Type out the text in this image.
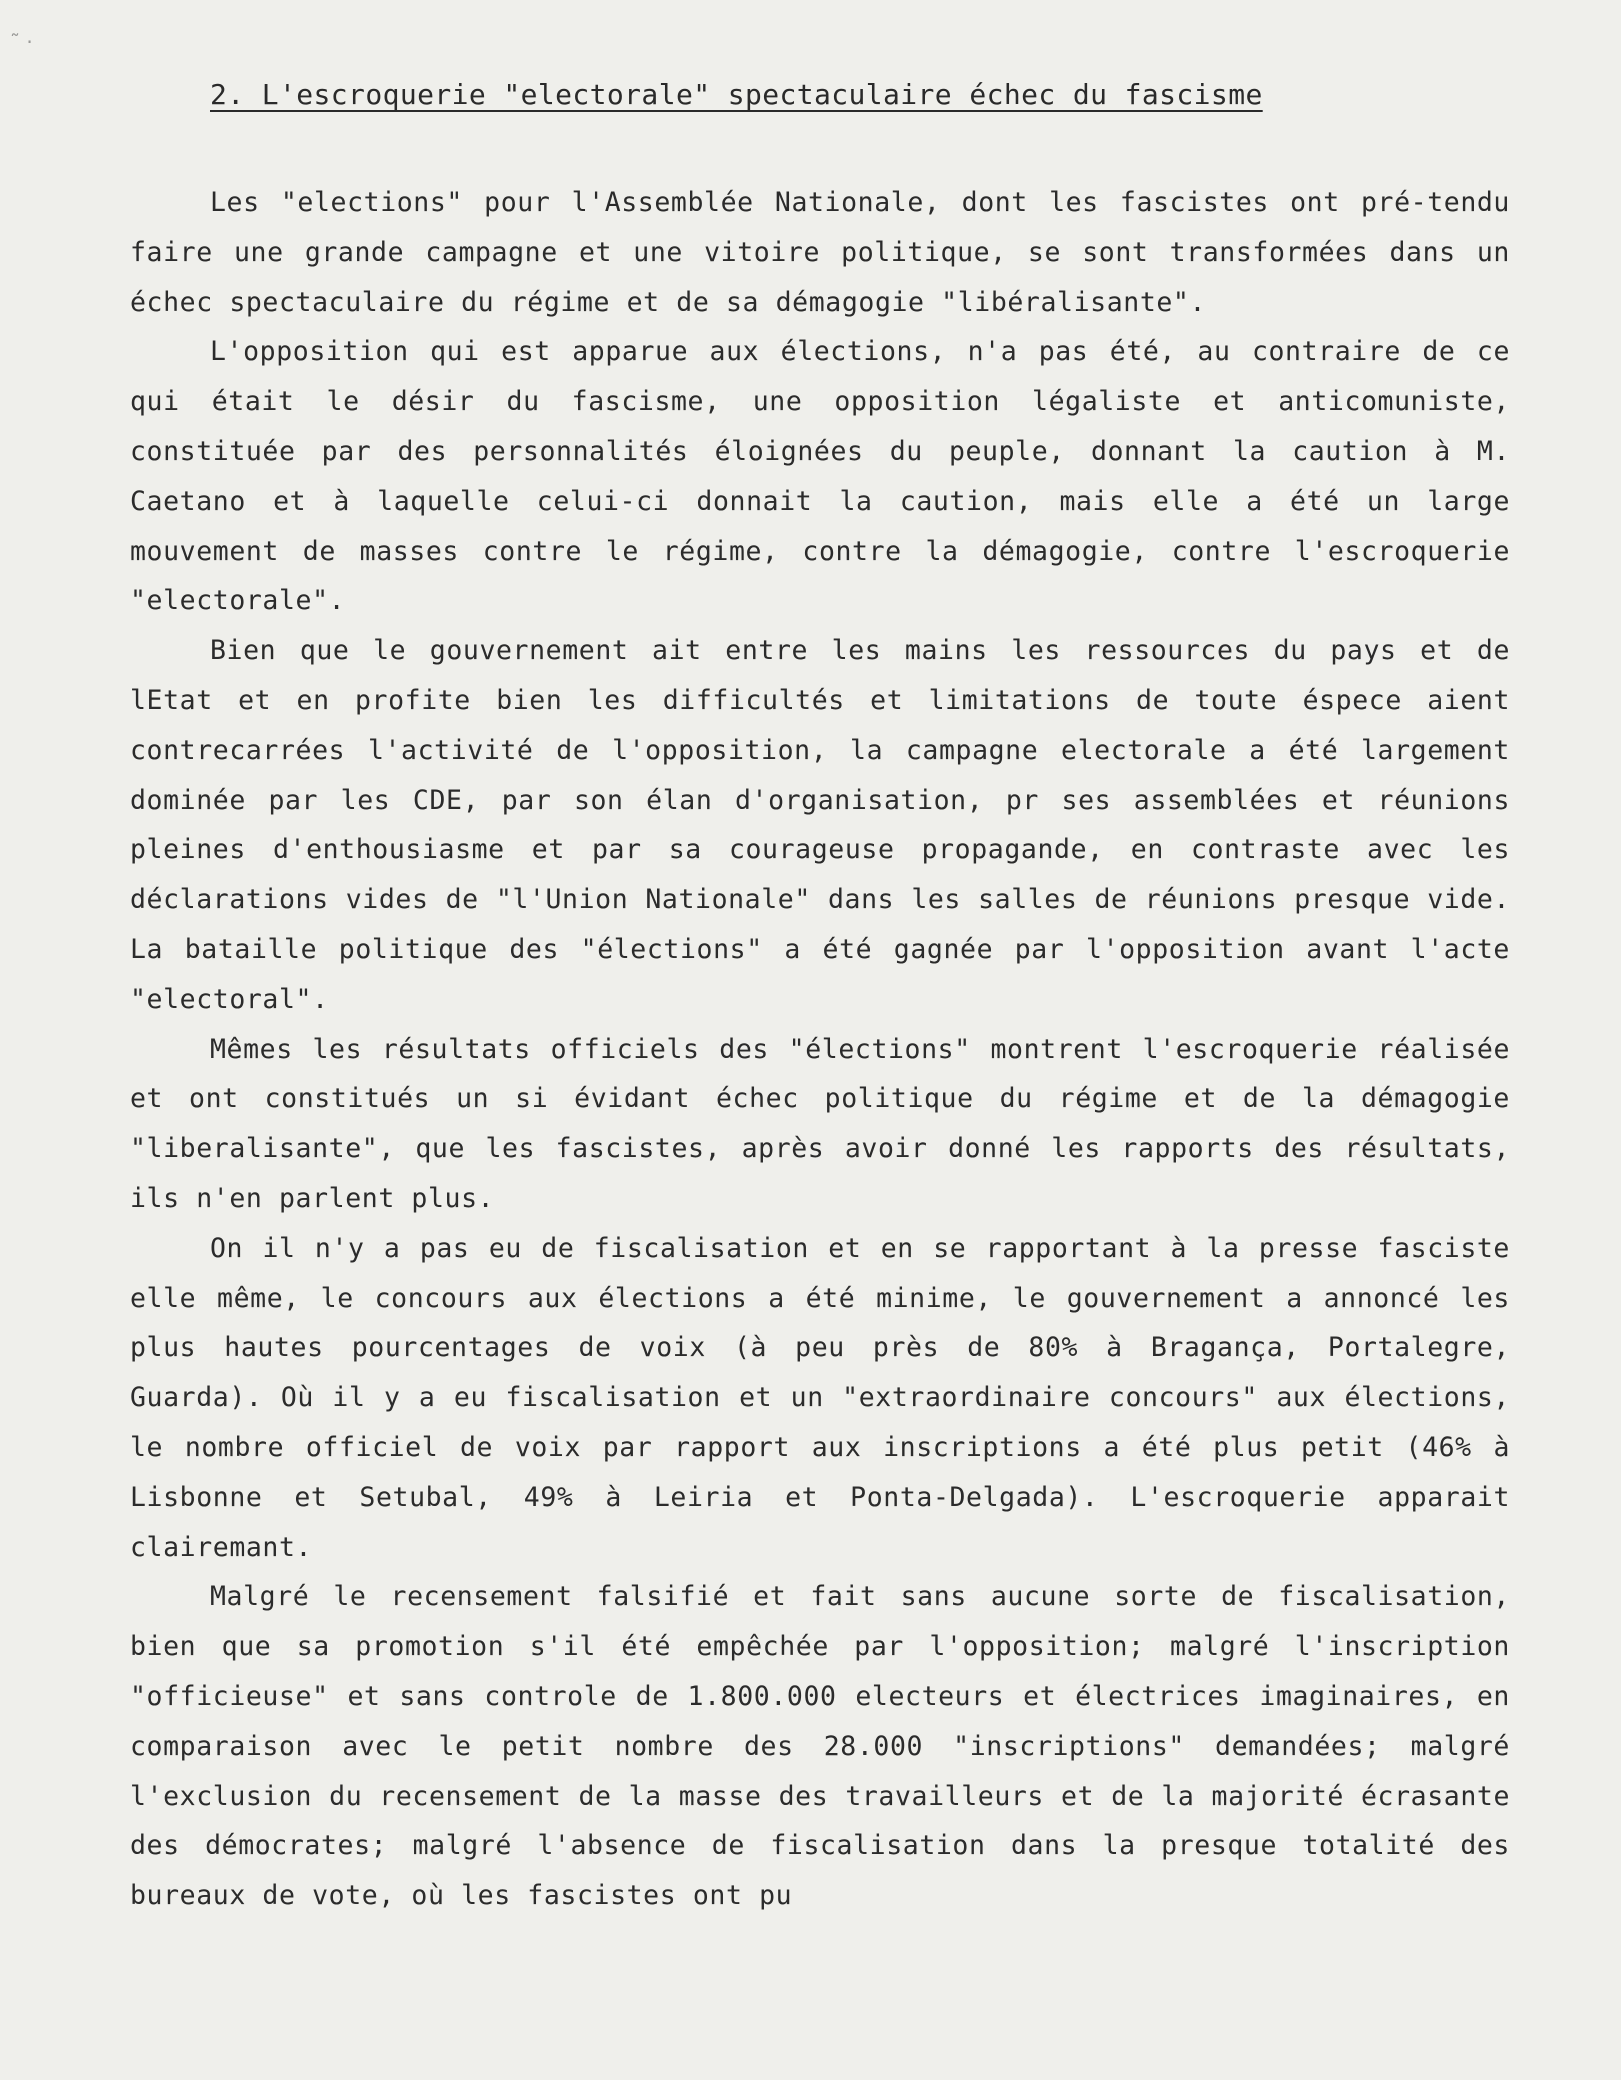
˜ ·
2. L'escroquerie "electorale" spectaculaire échec du fascisme

Les "elections" pour l'Assemblée Nationale, dont les fascistes ont pré-tendu faire une grande campagne et une vitoire politique, se sont transformées dans un échec spectaculaire du régime et de sa démagogie "libéralisante".

L'opposition qui est apparue aux élections, n'a pas été, au contraire de ce qui était le désir du fascisme, une opposition légaliste et anticomuniste, constituée par des personnalités éloignées du peuple, donnant la caution à M. Caetano et à laquelle celui-ci donnait la caution, mais elle a été un large mouvement de masses contre le régime, contre la démagogie, contre l'escroquerie "electorale".

Bien que le gouvernement ait entre les mains les ressources du pays et de lEtat et en profite bien les difficultés et limitations de toute éspece aient contrecarrées l'activité de l'opposition, la campagne electorale a été largement dominée par les CDE, par son élan d'organisation, pr ses assemblées et réunions pleines d'enthousiasme et par sa courageuse propagande, en contraste avec les déclarations vides de "l'Union Nationale" dans les salles de réunions presque vide. La bataille politique des "élections" a été gagnée par l'opposition avant l'acte "electoral".

Mêmes les résultats officiels des "élections" montrent l'escroquerie réalisée et ont constitués un si évidant échec politique du régime et de la démagogie "liberalisante", que les fascistes, après avoir donné les rapports des résultats, ils n'en parlent plus.

On il n'y a pas eu de fiscalisation et en se rapportant à la presse fasciste elle même, le concours aux élections a été minime, le gouvernement a annoncé les plus hautes pourcentages de voix (à peu près de 80% à Bragança, Portalegre, Guarda). Où il y a eu fiscalisation et un "extraordinaire concours" aux élections, le nombre officiel de voix par rapport aux inscriptions a été plus petit (46% à Lisbonne et Setubal, 49% à Leiria et Ponta-Delgada). L'escroquerie apparait clairemant.

Malgré le recensement falsifié et fait sans aucune sorte de fiscalisation, bien que sa promotion s'il été empêchée par l'opposition; malgré l'inscription "officieuse" et sans controle de 1.800.000 electeurs et électrices imaginaires, en comparaison avec le petit nombre des 28.000 "inscriptions" demandées; malgré l'exclusion du recensement de la masse des travailleurs et de la majorité écrasante des démocrates; malgré l'absence de fiscalisation dans la presque totalité des bureaux de vote, où les fascistes ont pu
